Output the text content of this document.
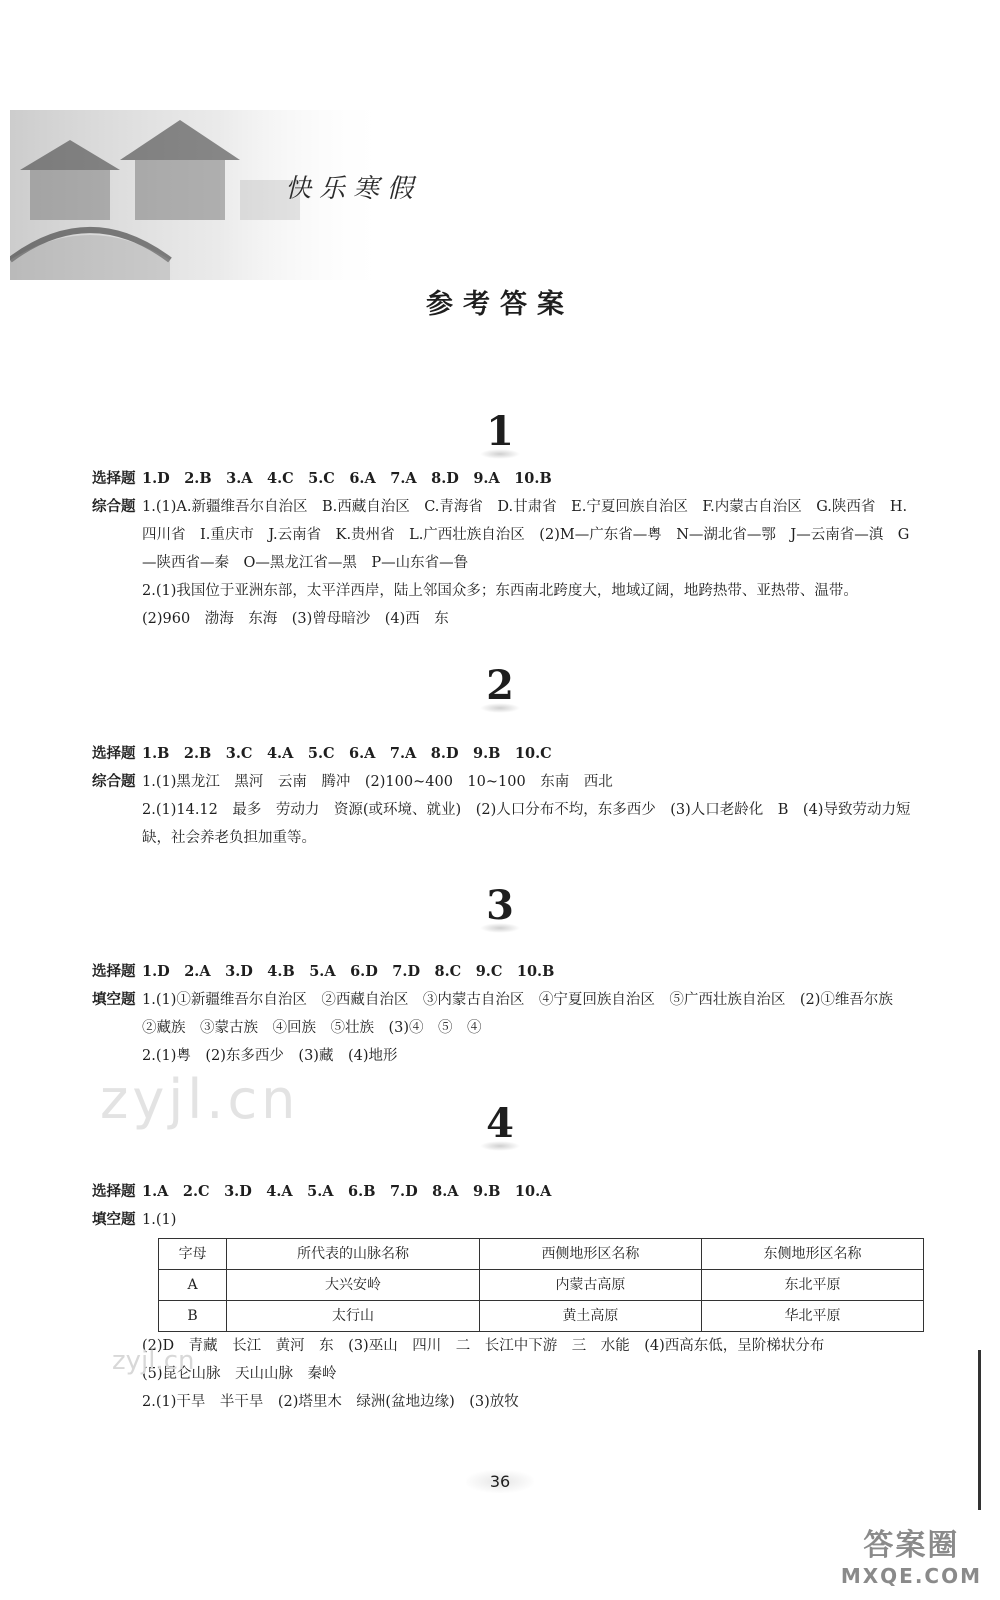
快乐寒假
参考答案
1
选择题 1.D　2.B　3.A　4.C　5.C　6.A　7.A　8.D　9.A　10.B
综合题 1.(1)A.新疆维吾尔自治区　B.西藏自治区　C.青海省　D.甘肃省　E.宁夏回族自治区　F.内蒙古自治区　G.陕西省　H.四川省　I.重庆市　J.云南省　K.贵州省　L.广西壮族自治区　(2)M—广东省—粤　N—湖北省—鄂　J—云南省—滇　G—陕西省—秦　O—黑龙江省—黑　P—山东省—鲁
2.(1)我国位于亚洲东部，太平洋西岸，陆上邻国众多；东西南北跨度大，地域辽阔，地跨热带、亚热带、温带。
(2)960　渤海　东海　(3)曾母暗沙　(4)西　东
2
选择题 1.B　2.B　3.C　4.A　5.C　6.A　7.A　8.D　9.B　10.C
综合题 1.(1)黑龙江　黑河　云南　腾冲　(2)100~400　10~100　东南　西北
2.(1)14.12　最多　劳动力　资源(或环境、就业)　(2)人口分布不均，东多西少　(3)人口老龄化　B　(4)导致劳动力短缺，社会养老负担加重等。
3
选择题 1.D　2.A　3.D　4.B　5.A　6.D　7.D　8.C　9.C　10.B
填空题 1.(1)①新疆维吾尔自治区　②西藏自治区　③内蒙古自治区　④宁夏回族自治区　⑤广西壮族自治区　(2)①维吾尔族　②藏族　③蒙古族　④回族　⑤壮族　(3)④　⑤　④
2.(1)粤　(2)东多西少　(3)藏　(4)地形
zyjl.cn	4
选择题 1.A　2.C　3.D　4.A　5.A　6.B　7.D　8.A　9.B　10.A
填空题 1.(1)
字母	所代表的山脉名称	西侧地形区名称	东侧地形区名称
A	大兴安岭	内蒙古高原	东北平原
B	太行山	黄土高原	华北平原
(2)D　青藏　长江　黄河　东　(3)巫山　四川　二　长江中下游　三　水能　(4)西高东低，呈阶梯状分布
(5)昆仑山脉　天山山脉　秦岭
2.(1)干旱　半干旱　(2)塔里木　绿洲(盆地边缘)　(3)放牧
zyjl.cn
36
答案圈
MXQE.COM
